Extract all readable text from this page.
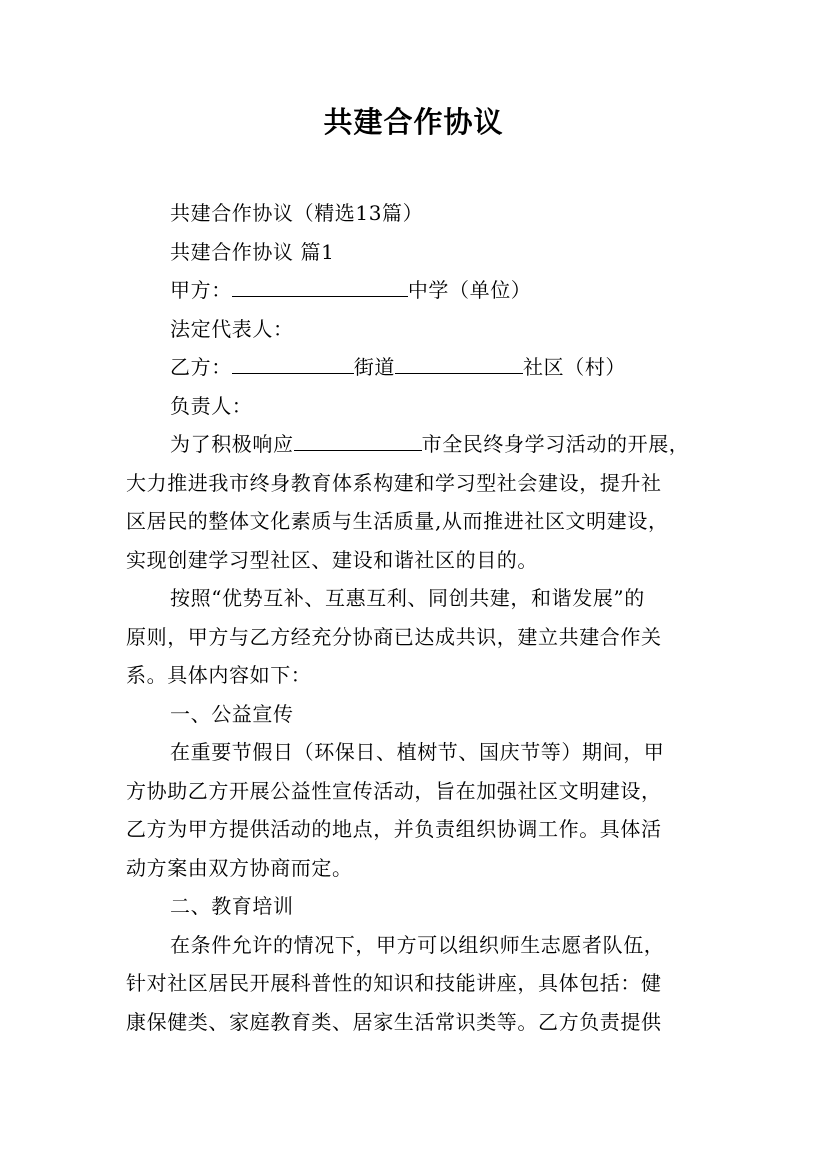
共建合作协议
共建合作协议（精选13篇）
共建合作协议 篇1
甲方：	中学（单位）
法定代表人：
乙方：	街道	社区（村）
负责人：
为了积极响应	市全民终身学习活动的开展，
大力推进我市终身教育体系构建和学习型社会建设，提升社
区居民的整体文化素质与生活质量,从而推进社区文明建设，
实现创建学习型社区、建设和谐社区的目的。
按照“优势互补、互惠互利、同创共建，和谐发展”的
原则，甲方与乙方经充分协商已达成共识，建立共建合作关
系。具体内容如下：
一、公益宣传
在重要节假日（环保日、植树节、国庆节等）期间，甲
方协助乙方开展公益性宣传活动，旨在加强社区文明建设，
乙方为甲方提供活动的地点，并负责组织协调工作。具体活
动方案由双方协商而定。
二、教育培训
在条件允许的情况下，甲方可以组织师生志愿者队伍，
针对社区居民开展科普性的知识和技能讲座，具体包括：健
康保健类、家庭教育类、居家生活常识类等。乙方负责提供
